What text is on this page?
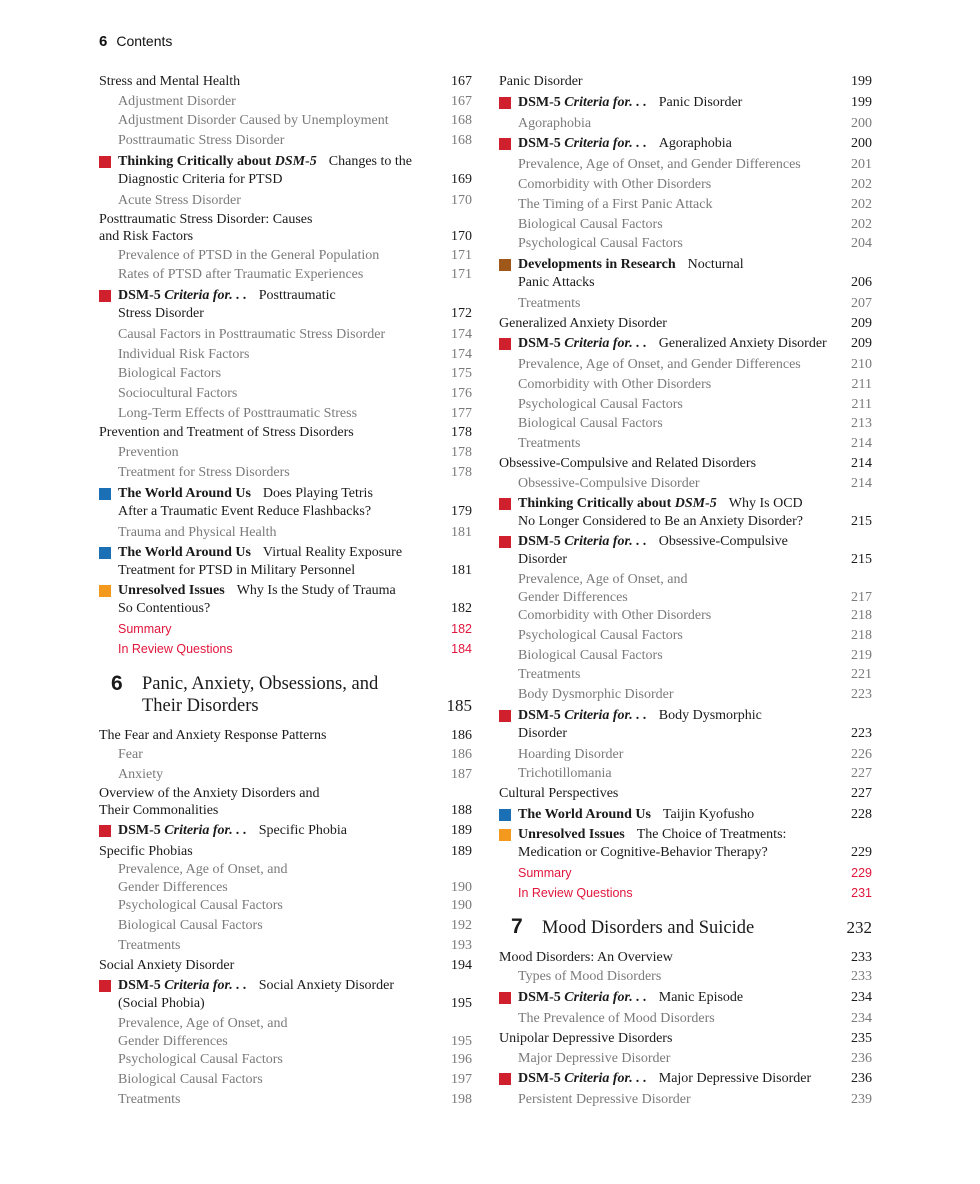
6 Contents
Stress and Mental Health	167
Adjustment Disorder	167
Adjustment Disorder Caused by Unemployment	168
Posttraumatic Stress Disorder	168
Thinking Critically about DSM-5 Changes to the
Diagnostic Criteria for PTSD	169
Acute Stress Disorder	170
Posttraumatic Stress Disorder: Causes
and Risk Factors	170
Prevalence of PTSD in the General Population	171
Rates of PTSD after Traumatic Experiences	171
DSM-5 Criteria for. . . Posttraumatic
Stress Disorder	172
Causal Factors in Posttraumatic Stress Disorder	174
Individual Risk Factors	174
Biological Factors	175
Sociocultural Factors	176
Long-Term Effects of Posttraumatic Stress	177
Prevention and Treatment of Stress Disorders	178
Prevention	178
Treatment for Stress Disorders	178
The World Around Us Does Playing Tetris
After a Traumatic Event Reduce Flashbacks?	179
Trauma and Physical Health	181
The World Around Us Virtual Reality Exposure
Treatment for PTSD in Military Personnel	181
Unresolved Issues Why Is the Study of Trauma
So Contentious?	182
Summary	182
In Review Questions	184
6 Panic, Anxiety, Obsessions, and
Their Disorders	185
The Fear and Anxiety Response Patterns	186
Fear	186
Anxiety	187
Overview of the Anxiety Disorders and
Their Commonalities	188
DSM-5 Criteria for. . . Specific Phobia	189
Specific Phobias	189
Prevalence, Age of Onset, and
Gender Differences	190
Psychological Causal Factors	190
Biological Causal Factors	192
Treatments	193
Social Anxiety Disorder	194
DSM-5 Criteria for. . . Social Anxiety Disorder
(Social Phobia)	195
Prevalence, Age of Onset, and
Gender Differences	195
Psychological Causal Factors	196
Biological Causal Factors	197
Treatments	198
Panic Disorder	199
DSM-5 Criteria for. . . Panic Disorder	199
Agoraphobia	200
DSM-5 Criteria for. . . Agoraphobia	200
Prevalence, Age of Onset, and Gender Differences	201
Comorbidity with Other Disorders	202
The Timing of a First Panic Attack	202
Biological Causal Factors	202
Psychological Causal Factors	204
Developments in Research Nocturnal
Panic Attacks	206
Treatments	207
Generalized Anxiety Disorder	209
DSM-5 Criteria for. . . Generalized Anxiety Disorder 209
Prevalence, Age of Onset, and Gender Differences	210
Comorbidity with Other Disorders	211
Psychological Causal Factors	211
Biological Causal Factors	213
Treatments	214
Obsessive-Compulsive and Related Disorders	214
Obsessive-Compulsive Disorder	214
Thinking Critically about DSM-5 Why Is OCD
No Longer Considered to Be an Anxiety Disorder?	215
DSM-5 Criteria for. . . Obsessive-Compulsive
Disorder	215
Prevalence, Age of Onset, and
Gender Differences	217
Comorbidity with Other Disorders	218
Psychological Causal Factors	218
Biological Causal Factors	219
Treatments	221
Body Dysmorphic Disorder	223
DSM-5 Criteria for. . . Body Dysmorphic
Disorder	223
Hoarding Disorder	226
Trichotillomania	227
Cultural Perspectives	227
The World Around Us Taijin Kyofusho	228
Unresolved Issues The Choice of Treatments:
Medication or Cognitive-Behavior Therapy?	229
Summary	229
In Review Questions	231
7 Mood Disorders and Suicide	232
Mood Disorders: An Overview	233
Types of Mood Disorders	233
DSM-5 Criteria for. . . Manic Episode	234
The Prevalence of Mood Disorders	234
Unipolar Depressive Disorders	235
Major Depressive Disorder	236
DSM-5 Criteria for. . . Major Depressive Disorder	236
Persistent Depressive Disorder	239
